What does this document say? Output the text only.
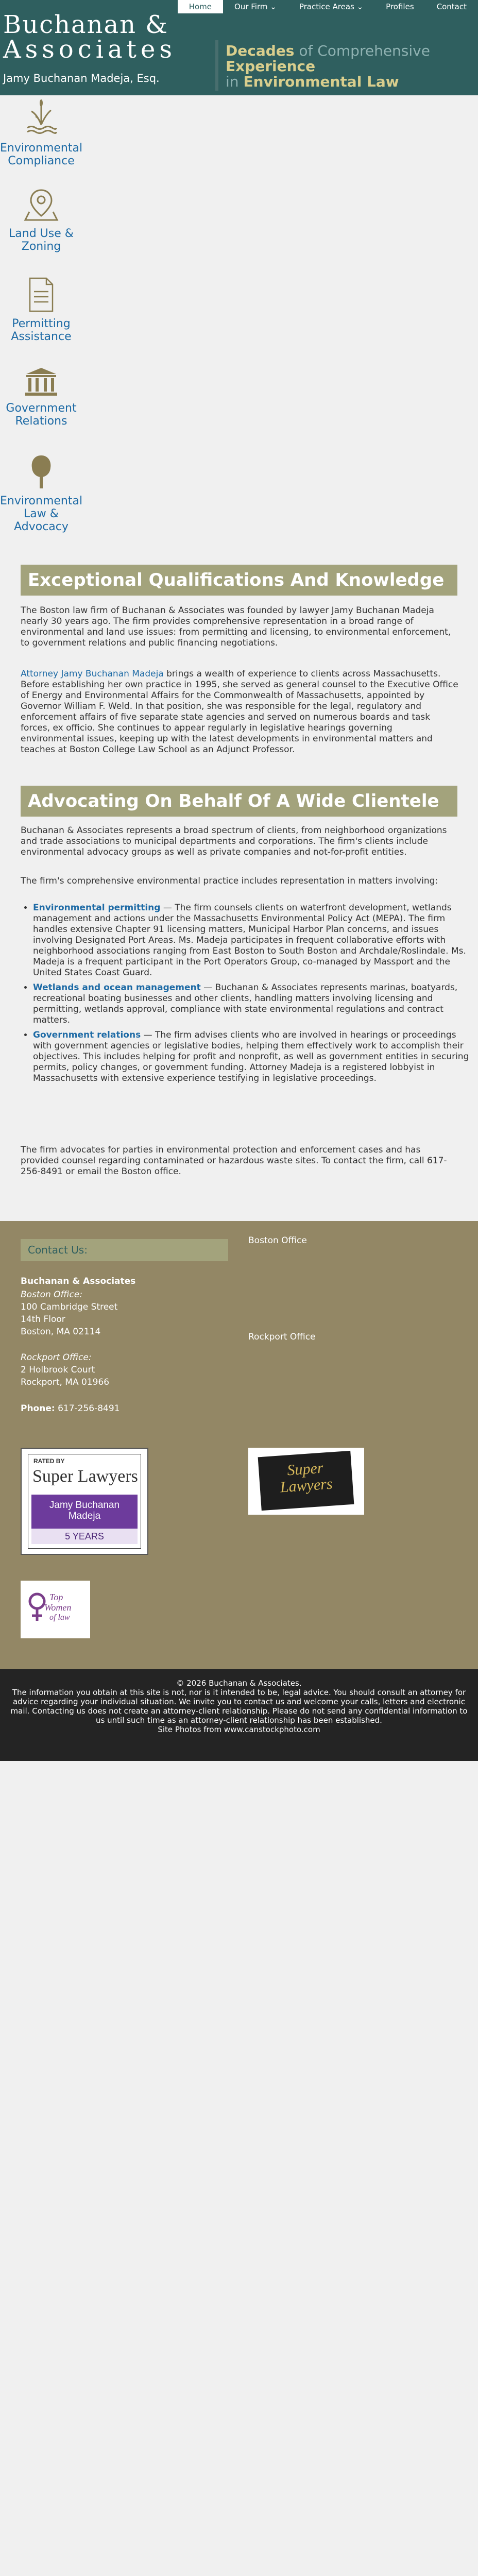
Buchanan &
Associates
Jamy Buchanan Madeja, Esq.
Home	Our Firm ⌄	Practice Areas ⌄	Profiles	Contact
Decades of Comprehensive
Experience
in Environmental Law
Environmental Compliance
Land Use & Zoning
Permitting Assistance
Government Relations
Environmental Law & Advocacy
Exceptional Qualifications And Knowledge

The Boston law firm of Buchanan & Associates was founded by lawyer Jamy Buchanan Madeja nearly 30 years ago. The firm provides comprehensive representation in a broad range of environmental and land use issues: from permitting and licensing, to environmental enforcement, to government relations and public financing negotiations.

Attorney Jamy Buchanan Madeja brings a wealth of experience to clients across Massachusetts. Before establishing her own practice in 1995, she served as general counsel to the Executive Office of Energy and Environmental Affairs for the Commonwealth of Massachusetts, appointed by Governor William F. Weld. In that position, she was responsible for the legal, regulatory and enforcement affairs of five separate state agencies and served on numerous boards and task forces, ex officio. She continues to appear regularly in legislative hearings governing environmental issues, keeping up with the latest developments in environmental matters and teaches at Boston College Law School as an Adjunct Professor.

Advocating On Behalf Of A Wide Clientele

Buchanan & Associates represents a broad spectrum of clients, from neighborhood organizations and trade associations to municipal departments and corporations. The firm's clients include environmental advocacy groups as well as private companies and not-for-profit entities.

The firm's comprehensive environmental practice includes representation in matters involving:

• Environmental permitting — The firm counsels clients on waterfront development, wetlands management and actions under the Massachusetts Environmental Policy Act (MEPA). The firm handles extensive Chapter 91 licensing matters, Municipal Harbor Plan concerns, and issues involving Designated Port Areas. Ms. Madeja participates in frequent collaborative efforts with neighborhood associations ranging from East Boston to South Boston and Archdale/Roslindale. Ms. Madeja is a frequent participant in the Port Operators Group, co-managed by Massport and the United States Coast Guard.
• Wetlands and ocean management — Buchanan & Associates represents marinas, boatyards, recreational boating businesses and other clients, handling matters involving licensing and permitting, wetlands approval, compliance with state environmental regulations and contract matters.
• Government relations — The firm advises clients who are involved in hearings or proceedings with government agencies or legislative bodies, helping them effectively work to accomplish their objectives. This includes helping for profit and nonprofit, as well as government entities in securing permits, policy changes, or government funding. Attorney Madeja is a registered lobbyist in Massachusetts with extensive experience testifying in legislative proceedings.

The firm advocates for parties in environmental protection and enforcement cases and has provided counsel regarding contaminated or hazardous waste sites. To contact the firm, call 617-256-8491 or email the Boston office.

Contact Us:

Boston Office

Rockport Office

Buchanan & Associates

Boston Office:

100 Cambridge Street

14th Floor

Boston, MA 02114

Rockport Office:

2 Holbrook Court

Rockport, MA 01966

Phone: 617-256-8491

RATED BY
Super Lawyers
Jamy Buchanan
Madeja
5 YEARS
Super
Lawyers
Top
Women
of law

© 2026 Buchanan & Associates.

The information you obtain at this site is not, nor is it intended to be, legal advice. You should consult an attorney for advice regarding your individual situation. We invite you to contact us and welcome your calls, letters and electronic mail. Contacting us does not create an attorney-client relationship. Please do not send any confidential information to us until such time as an attorney-client relationship has been established.

Site Photos from www.canstockphoto.com
